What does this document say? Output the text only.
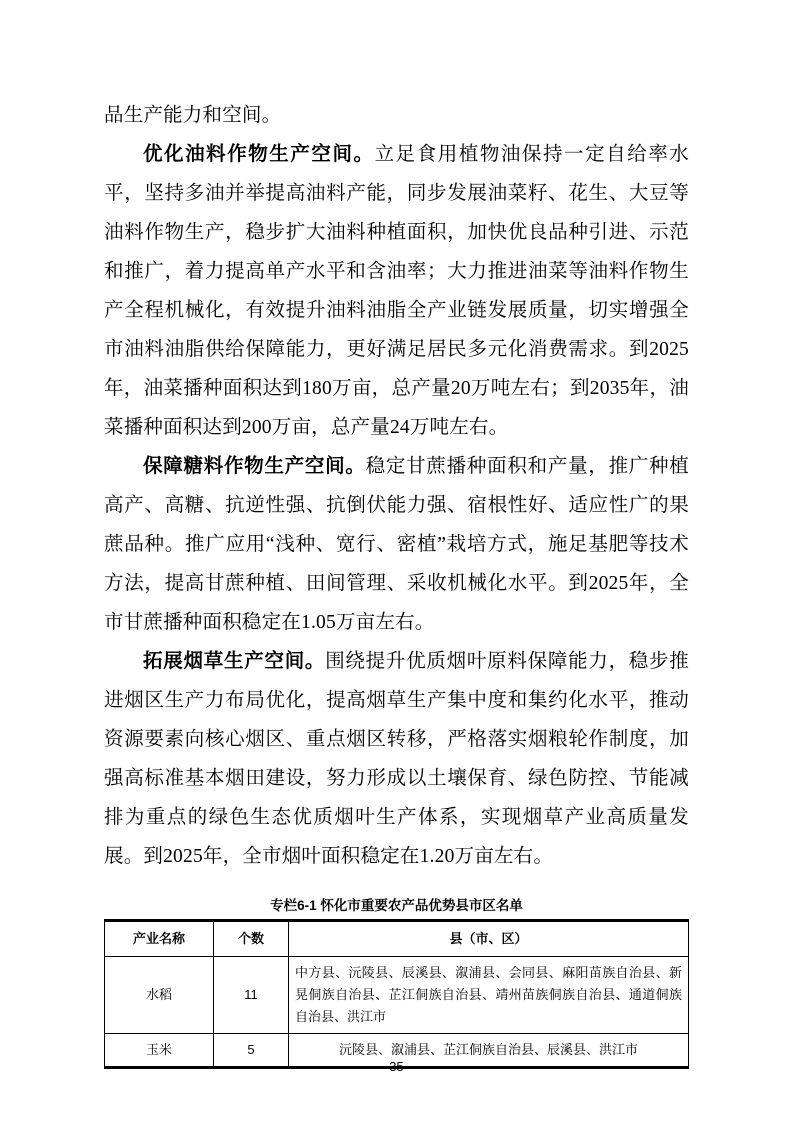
品生产能力和空间。

优化油料作物生产空间。立足食用植物油保持一定自给率水平，坚持多油并举提高油料产能，同步发展油菜籽、花生、大豆等油料作物生产，稳步扩大油料种植面积，加快优良品种引进、示范和推广，着力提高单产水平和含油率；大力推进油菜等油料作物生产全程机械化，有效提升油料油脂全产业链发展质量，切实增强全市油料油脂供给保障能力，更好满足居民多元化消费需求。到2025年，油菜播种面积达到180万亩，总产量20万吨左右；到2035年，油菜播种面积达到200万亩，总产量24万吨左右。

保障糖料作物生产空间。稳定甘蔗播种面积和产量，推广种植高产、高糖、抗逆性强、抗倒伏能力强、宿根性好、适应性广的果蔗品种。推广应用“浅种、宽行、密植”栽培方式，施足基肥等技术方法，提高甘蔗种植、田间管理、采收机械化水平。到2025年，全市甘蔗播种面积稳定在1.05万亩左右。

拓展烟草生产空间。围绕提升优质烟叶原料保障能力，稳步推进烟区生产力布局优化，提高烟草生产集中度和集约化水平，推动资源要素向核心烟区、重点烟区转移，严格落实烟粮轮作制度，加强高标准基本烟田建设，努力形成以土壤保育、绿色防控、节能减排为重点的绿色生态优质烟叶生产体系，实现烟草产业高质量发展。到2025年，全市烟叶面积稳定在1.20万亩左右。

专栏6-1 怀化市重要农产品优势县市区名单
产业名称	个数	县（市、区）
水稻	11	中方县、沅陵县、辰溪县、溆浦县、会同县、麻阳苗族自治县、新晃侗族自治县、芷江侗族自治县、靖州苗族侗族自治县、通道侗族自治县、洪江市
玉米	5	沅陵县、溆浦县、芷江侗族自治县、辰溪县、洪江市
35
